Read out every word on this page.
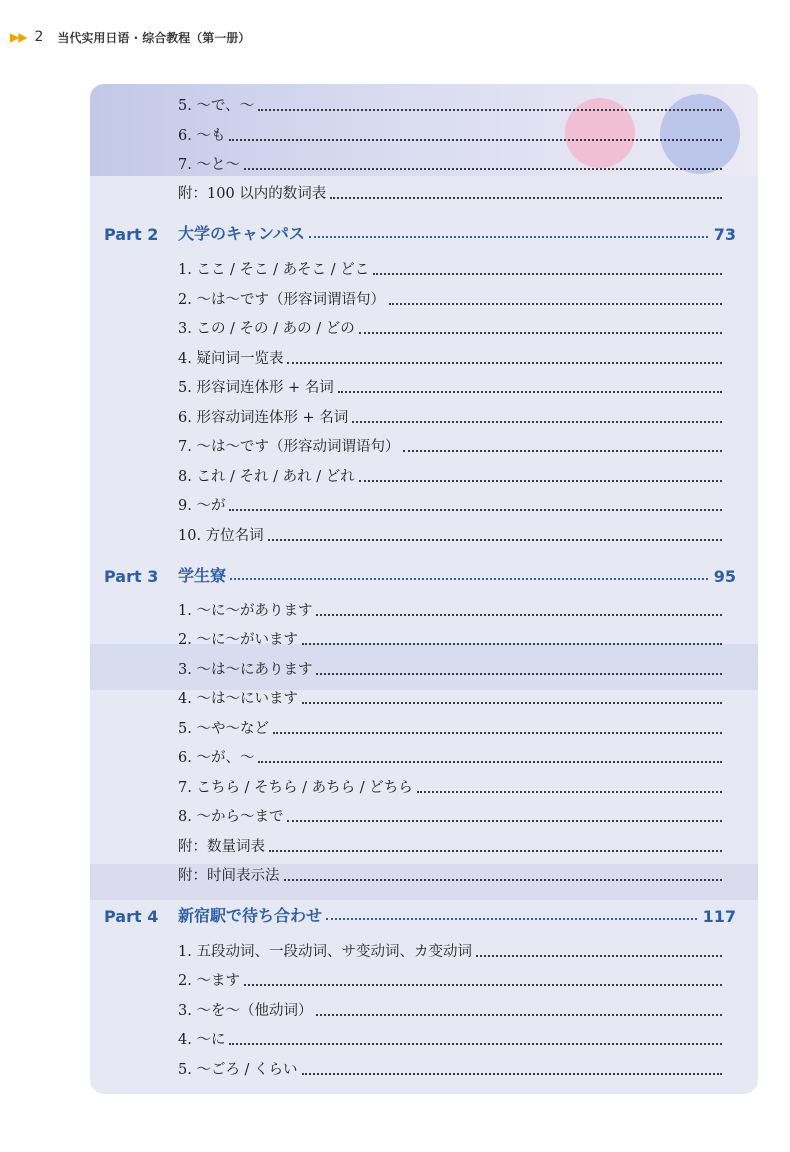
▶▶ 2 当代实用日语 · 综合教程（第一册）
5. ～で、～
6. ～も
7. ～と～
附：100 以内的数词表
Part 2	大学のキャンパス	73
1. ここ / そこ / あそこ / どこ
2. ～は～です（形容词谓语句）
3. この / その / あの / どの
4. 疑问词一览表
5. 形容词连体形 + 名词
6. 形容动词连体形 + 名词
7. ～は～です（形容动词谓语句）
8. これ / それ / あれ / どれ
9. ～が
10. 方位名词
Part 3	学生寮	95
1. ～に～があります
2. ～に～がいます
3. ～は～にあります
4. ～は～にいます
5. ～や～など
6. ～が、～
7. こちら / そちら / あちら / どちら
8. ～から～まで
附：数量词表
附：时间表示法
Part 4	新宿駅で待ち合わせ	117
1. 五段动词、一段动词、サ变动词、カ变动词
2. ～ます
3. ～を～（他动词）
4. ～に
5. ～ごろ / くらい
